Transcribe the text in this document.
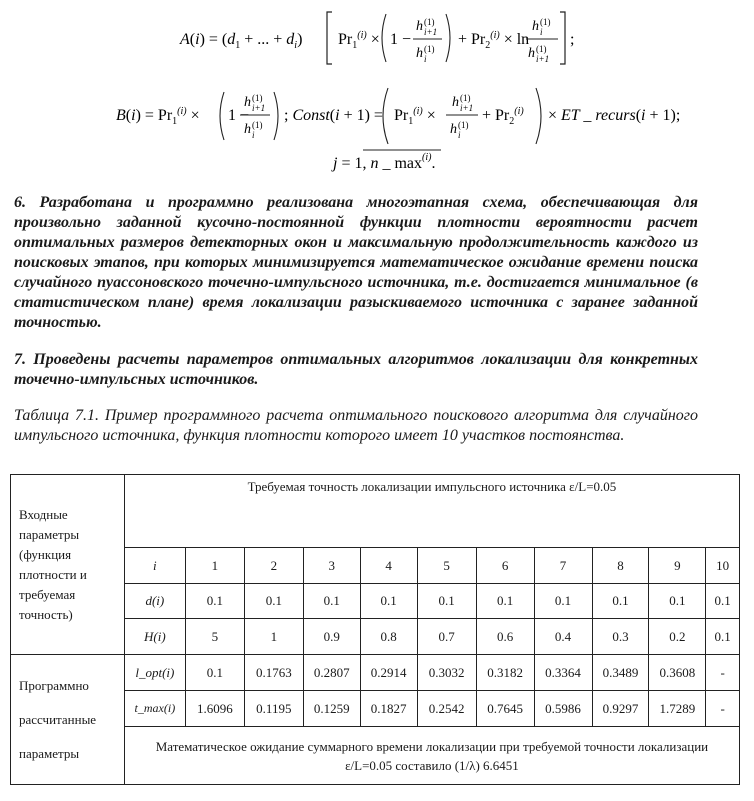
$A(i) = (d_1$ + ... + $d_i$) $Pr_1^{(i)} \times 1$ −
h (1)
i+1
h (1)
i
+ $Pr_2^{(i)} \times \ln$
h (1)
i
h (1)
i+1
;
$B(i) = Pr_1^{(i)} \times 1$ −
h (1)
i+1
h (1)
i
; Const(i + $1) = Pr_1^{(i)}$ ×
h (1)
i+1
h (1)
i
+ $Pr_2^{(i)}$ × ET _ recurs(i + 1);
j = 1, n _ $\max^{(i)}$.
6. Разработана и программно реализована многоэтапная схема, обеспечивающая для произвольно заданной кусочно-постоянной функции плотности вероятности расчет оптимальных размеров детекторных окон и максимальную продолжительность каждого из поисковых этапов, при которых минимизируется математическое ожидание времени поиска случайного пуассоновского точечно-импульсного источника, т.е. достигается минимальное (в статистическом плане) время локализации разыскиваемого источника с заранее заданной точностью.
7. Проведены расчеты параметров оптимальных алгоритмов локализации для конкретных точечно-импульсных источников.
Таблица 7.1. Пример программного расчета оптимального поискового алгоритма для случайного импульсного источника, функция плотности которого имеет 10 участков постоянства.
Входные параметры (функция плотности и требуемая точность)	Требуемая точность локализации импульсного источника ε/L=0.05										
	i	1	2	3	4	5	6	7	8	9	10
	d(i)	0.1	0.1	0.1	0.1	0.1	0.1	0.1	0.1	0.1	0.1
	H(i)	5	1	0.9	0.8	0.7	0.6	0.4	0.3	0.2	0.1

Программно
рассчитанные
параметры	l_opt(i)	0.1	0.1763	0.2807	0.2914	0.3032	0.3182	0.3364	0.3489	0.3608	-
	t_max(i)	1.6096	0.1195	0.1259	0.1827	0.2542	0.7645	0.5986	0.9297	1.7289	-
	Математическое ожидание суммарного времени локализации при требуемой точности локализации ε/L=0.05 составило (1/λ) 6.6451										
